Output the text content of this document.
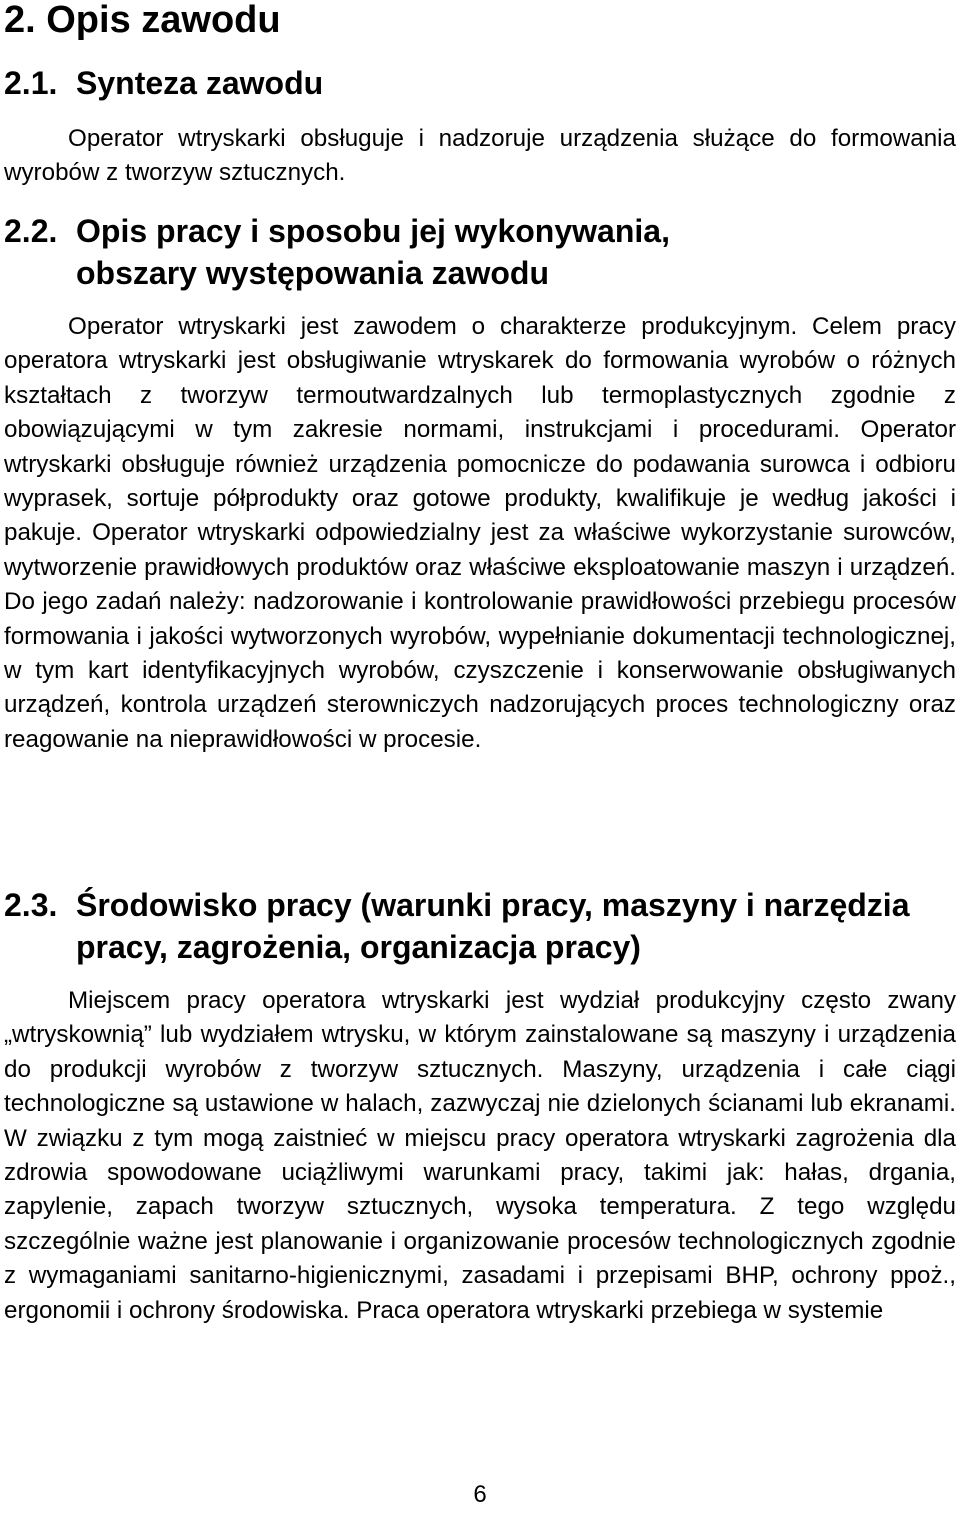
2. Opis zawodu
2.1. Synteza zawodu

Operator wtryskarki obsługuje i nadzoruje urządzenia służące do formowania wyrobów z tworzyw sztucznych.

2.2. Opis pracy i sposobu jej wykonywania, obszary występowania zawodu

Operator wtryskarki jest zawodem o charakterze produkcyjnym. Celem pracy operatora wtryskarki jest obsługiwanie wtryskarek do formowania wyrobów o różnych kształtach z tworzyw termoutwardzalnych lub termoplastycznych zgodnie z obowiązującymi w tym zakresie normami, instrukcjami i procedurami. Operator wtryskarki obsługuje również urządzenia pomocnicze do podawania surowca i odbioru wyprasek, sortuje półprodukty oraz gotowe produkty, kwalifikuje je według jakości i pakuje. Operator wtryskarki odpowiedzialny jest za właściwe wykorzystanie surowców, wytworzenie prawidłowych produktów oraz właściwe eksploatowanie maszyn i urządzeń. Do jego zadań należy: nadzorowanie i kontrolowanie prawidłowości przebiegu procesów formowania i jakości wytworzonych wyrobów, wypełnianie dokumentacji technologicznej, w tym kart identyfikacyjnych wyrobów, czyszczenie i konserwowanie obsługiwanych urządzeń, kontrola urządzeń sterowniczych nadzorujących proces technologiczny oraz reagowanie na nieprawidłowości w procesie.

2.3. Środowisko pracy (warunki pracy, maszyny i narzędzia pracy, zagrożenia, organizacja pracy)

Miejscem pracy operatora wtryskarki jest wydział produkcyjny często zwany „wtryskownią” lub wydziałem wtrysku, w którym zainstalowane są maszyny i urządzenia do produkcji wyrobów z tworzyw sztucznych. Maszyny, urządzenia i całe ciągi technologiczne są ustawione w halach, zazwyczaj nie dzielonych ścianami lub ekranami. W związku z tym mogą zaistnieć w miejscu pracy operatora wtryskarki zagrożenia dla zdrowia spowodowane uciążliwymi warunkami pracy, takimi jak: hałas, drgania, zapylenie, zapach tworzyw sztucznych, wysoka temperatura. Z tego względu szczególnie ważne jest planowanie i organizowanie procesów technologicznych zgodnie z wymaganiami sanitarno-higienicznymi, zasadami i przepisami BHP, ochrony ppoż., ergonomii i ochrony środowiska. Praca operatora wtryskarki przebiega w systemie

6
